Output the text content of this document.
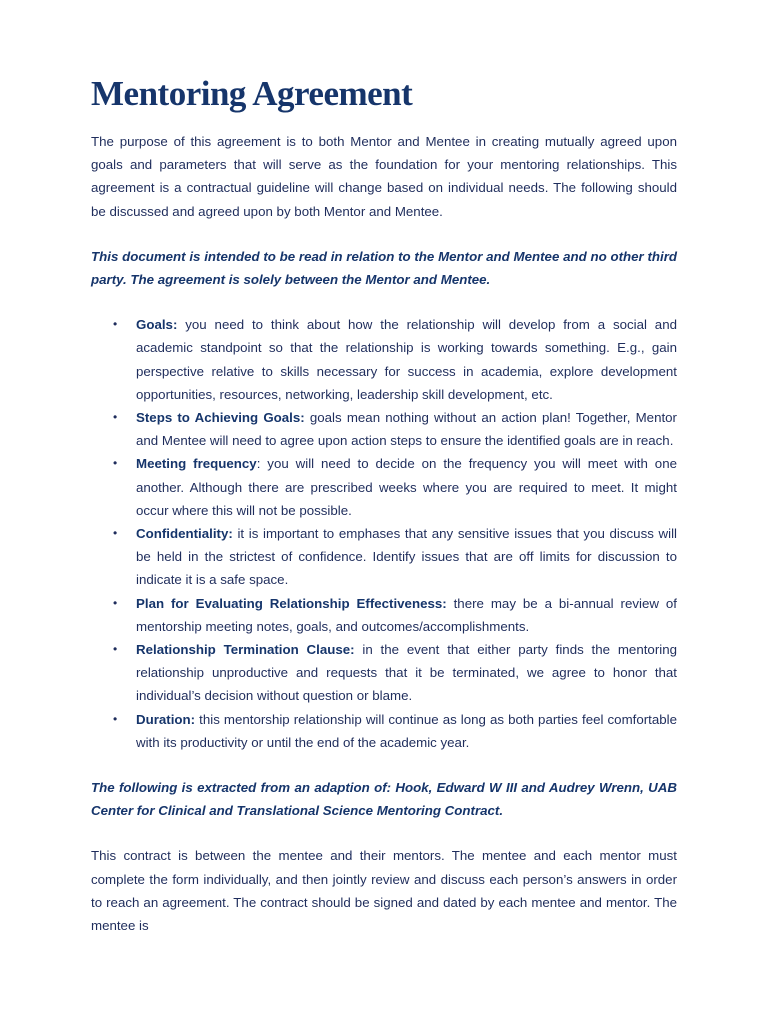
Mentoring Agreement

The purpose of this agreement is to both Mentor and Mentee in creating mutually agreed upon goals and parameters that will serve as the foundation for your mentoring relationships. This agreement is a contractual guideline will change based on individual needs. The following should be discussed and agreed upon by both Mentor and Mentee.

This document is intended to be read in relation to the Mentor and Mentee and no other third party. The agreement is solely between the Mentor and Mentee.

• Goals: you need to think about how the relationship will develop from a social and academic standpoint so that the relationship is working towards something. E.g., gain perspective relative to skills necessary for success in academia, explore development opportunities, resources, networking, leadership skill development, etc.
• Steps to Achieving Goals: goals mean nothing without an action plan! Together, Mentor and Mentee will need to agree upon action steps to ensure the identified goals are in reach.
• Meeting frequency: you will need to decide on the frequency you will meet with one another. Although there are prescribed weeks where you are required to meet. It might occur where this will not be possible.
• Confidentiality: it is important to emphases that any sensitive issues that you discuss will be held in the strictest of confidence. Identify issues that are off limits for discussion to indicate it is a safe space.
• Plan for Evaluating Relationship Effectiveness: there may be a bi-annual review of mentorship meeting notes, goals, and outcomes/accomplishments.
• Relationship Termination Clause: in the event that either party finds the mentoring relationship unproductive and requests that it be terminated, we agree to honor that individual’s decision without question or blame.
• Duration: this mentorship relationship will continue as long as both parties feel comfortable with its productivity or until the end of the academic year.

The following is extracted from an adaption of: Hook, Edward W III and Audrey Wrenn, UAB Center for Clinical and Translational Science Mentoring Contract.

This contract is between the mentee and their mentors. The mentee and each mentor must complete the form individually, and then jointly review and discuss each person’s answers in order to reach an agreement. The contract should be signed and dated by each mentee and mentor. The mentee is
